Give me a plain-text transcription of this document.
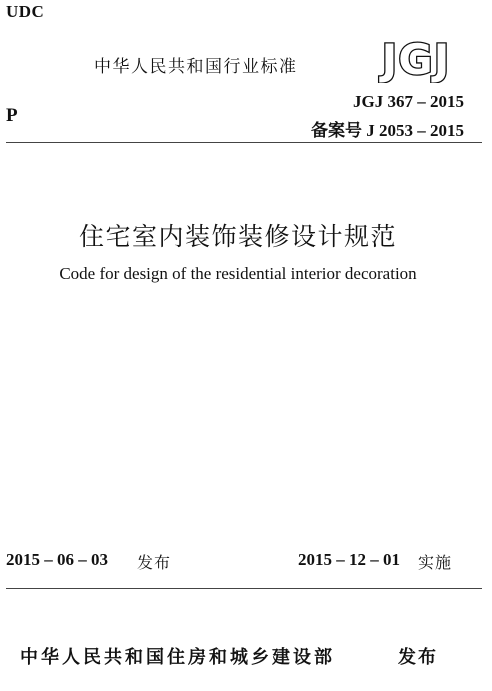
UDC
中华人民共和国行业标准 JGJ
P
JGJ 367 – 2015
备案号 J 2053 – 2015
住宅室内装饰装修设计规范
Code for design of the residential interior decoration
2015 – 06 – 03 发布	2015 – 12 – 01 实施
中华人民共和国住房和城乡建设部	发布
